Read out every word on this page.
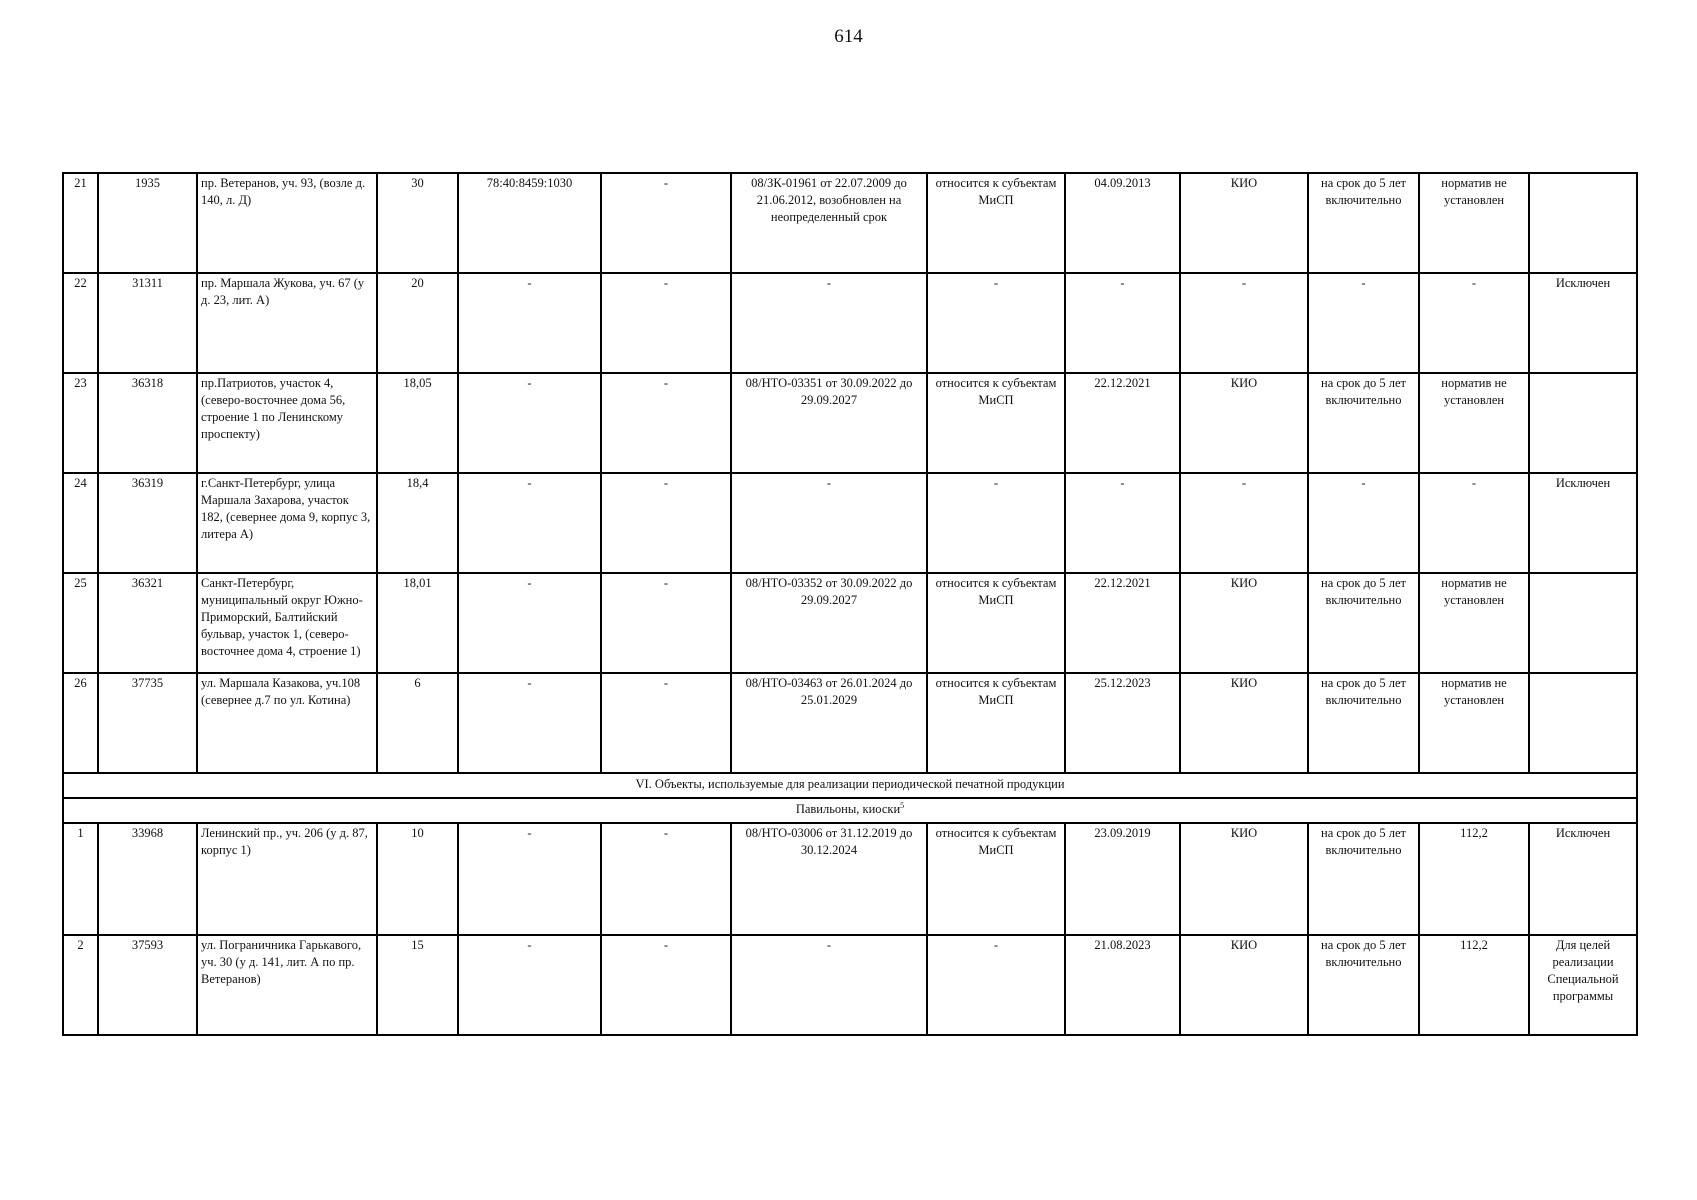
614
21	1935	пр. Ветеранов, уч. 93, (возле д. 140, л. Д)	30	78:40:8459:1030	-	08/ЗК-01961 от 22.07.2009 до 21.06.2012, возобновлен на неопределенный срок	относится к субъектам МиСП	04.09.2013	КИО	на срок до 5 лет включительно	норматив не установлен	
22	31311	пр. Маршала Жукова, уч. 67 (у д. 23, лит. А)	20	-	-	-	-	-	-	-	-	Исключен
23	36318	пр.Патриотов, участок 4, (северо-восточнее дома 56, строение 1 по Ленинскому проспекту)	18,05	-	-	08/НТО-03351 от 30.09.2022 до 29.09.2027	относится к субъектам МиСП	22.12.2021	КИО	на срок до 5 лет включительно	норматив не установлен	
24	36319	г.Санкт-Петербург, улица Маршала Захарова, участок 182, (севернее дома 9, корпус 3, литера А)	18,4	-	-	-	-	-	-	-	-	Исключен
25	36321	Санкт-Петербург, муниципальный округ Южно-Приморский, Балтийский бульвар, участок 1, (северо-восточнее дома 4, строение 1)	18,01	-	-	08/НТО-03352 от 30.09.2022 до 29.09.2027	относится к субъектам МиСП	22.12.2021	КИО	на срок до 5 лет включительно	норматив не установлен	
26	37735	ул. Маршала Казакова, уч.108 (севернее д.7 по ул. Котина)	6	-	-	08/НТО-03463 от 26.01.2024 до 25.01.2029	относится к субъектам МиСП	25.12.2023	КИО	на срок до 5 лет включительно	норматив не установлен	
VI. Объекты, используемые для реализации периодической печатной продукции												
Павильоны, киоски$^5$
1	33968	Ленинский пр., уч. 206 (у д. 87, корпус 1)	10	-	-	08/НТО-03006 от 31.12.2019 до 30.12.2024	относится к субъектам МиСП	23.09.2019	КИО	на срок до 5 лет включительно	112,2	Исключен
2	37593	ул. Пограничника Гарькавого, уч. 30 (у д. 141, лит. А по пр. Ветеранов)	15	-	-	-	-	21.08.2023	КИО	на срок до 5 лет включительно	112,2	Для целей реализации Специальной программы
